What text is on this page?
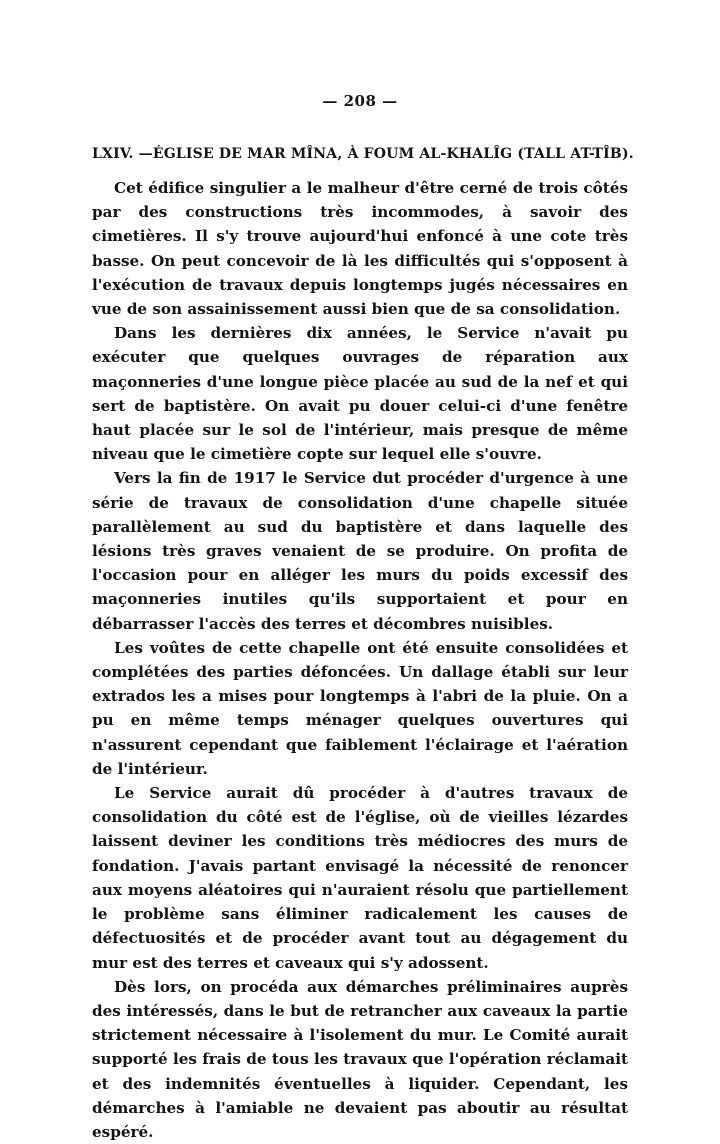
— 208 —
LXIV. —ÉGLISE DE MAR MÎNA, À FOUM AL-KHALÎG (TALL AT-TÎB).

Cet édifice singulier a le malheur d'être cerné de trois côtés par des constructions très incommodes, à savoir des cimetières. Il s'y trouve aujourd'hui enfoncé à une cote très basse. On peut concevoir de là les difficultés qui s'opposent à l'exécution de travaux depuis longtemps jugés nécessaires en vue de son assainissement aussi bien que de sa consolidation.

Dans les dernières dix années, le Service n'avait pu exécuter que quelques ouvrages de réparation aux maçonneries d'une longue pièce placée au sud de la nef et qui sert de baptistère. On avait pu douer celui-ci d'une fenêtre haut placée sur le sol de l'intérieur, mais presque de même niveau que le cimetière copte sur lequel elle s'ouvre.

Vers la fin de 1917 le Service dut procéder d'urgence à une série de travaux de consolidation d'une chapelle située parallèlement au sud du baptistère et dans laquelle des lésions très graves venaient de se produire. On profita de l'occasion pour en alléger les murs du poids excessif des maçonneries inutiles qu'ils supportaient et pour en débarrasser l'accès des terres et décombres nuisibles.

Les voûtes de cette chapelle ont été ensuite consolidées et complétées des parties défoncées. Un dallage établi sur leur extrados les a mises pour longtemps à l'abri de la pluie. On a pu en même temps ménager quelques ouvertures qui n'assurent cependant que faiblement l'éclairage et l'aération de l'intérieur.

Le Service aurait dû procéder à d'autres travaux de consolidation du côté est de l'église, où de vieilles lézardes laissent deviner les conditions très médiocres des murs de fondation. J'avais partant envisagé la nécessité de renoncer aux moyens aléatoires qui n'auraient résolu que partiellement le problème sans éliminer radicalement les causes de défectuosités et de procéder avant tout au dégagement du mur est des terres et caveaux qui s'y adossent.

Dès lors, on procéda aux démarches préliminaires auprès des intéressés, dans le but de retrancher aux caveaux la partie strictement nécessaire à l'isolement du mur. Le Comité aurait supporté les frais de tous les travaux que l'opération réclamait et des indemnités éventuelles à liquider. Cependant, les démarches à l'amiable ne devaient pas aboutir au résultat espéré.
